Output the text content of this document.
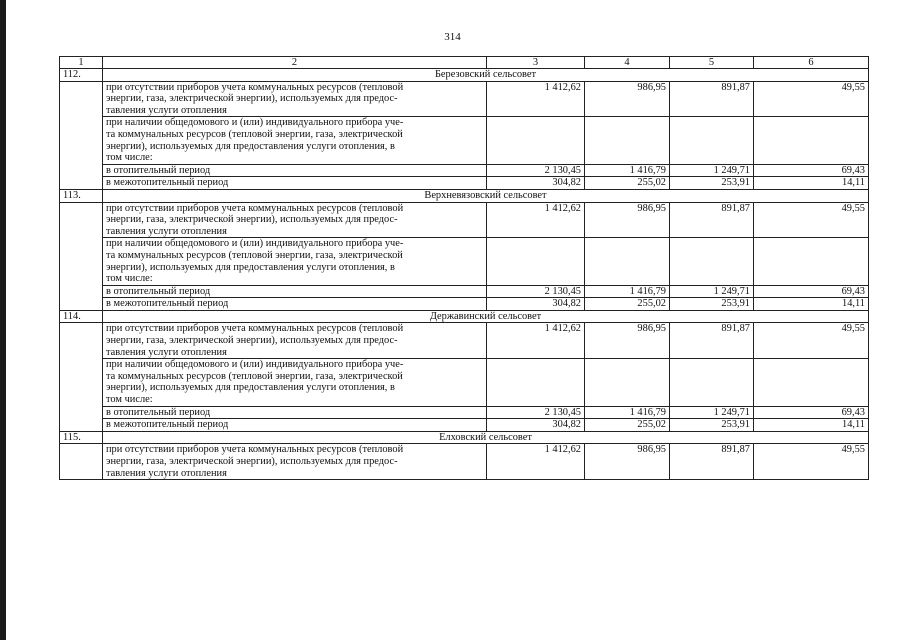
314
1	2	3	4	5	6
112.	Березовский сельсовет				

	при отсутствии приборов учета коммунальных ресурсов (тепловой
энергии, газа, электрической энергии), используемых для предос-
тавления услуги отопления	1 412,62	986,95	891,87	49,55

	при наличии общедомового и (или) индивидуального прибора уче-
та коммунальных ресурсов (тепловой энергии, газа, электрической
энергии), используемых для предоставления услуги отопления, в
том числе:				

	в отопительный период	2 130,45	1 416,79	1 249,71	69,43

	в межотопительный период	304,82	255,02	253,91	14,11
113.	Верхневязовский сельсовет				

	при отсутствии приборов учета коммунальных ресурсов (тепловой
энергии, газа, электрической энергии), используемых для предос-
тавления услуги отопления	1 412,62	986,95	891,87	49,55

	при наличии общедомового и (или) индивидуального прибора уче-
та коммунальных ресурсов (тепловой энергии, газа, электрической
энергии), используемых для предоставления услуги отопления, в
том числе:				

	в отопительный период	2 130,45	1 416,79	1 249,71	69,43

	в межотопительный период	304,82	255,02	253,91	14,11
114.	Державинский сельсовет				

	при отсутствии приборов учета коммунальных ресурсов (тепловой
энергии, газа, электрической энергии), используемых для предос-
тавления услуги отопления	1 412,62	986,95	891,87	49,55

	при наличии общедомового и (или) индивидуального прибора уче-
та коммунальных ресурсов (тепловой энергии, газа, электрической
энергии), используемых для предоставления услуги отопления, в
том числе:				

	в отопительный период	2 130,45	1 416,79	1 249,71	69,43

	в межотопительный период	304,82	255,02	253,91	14,11
115.	Елховский сельсовет				

	при отсутствии приборов учета коммунальных ресурсов (тепловой
энергии, газа, электрической энергии), используемых для предос-
тавления услуги отопления	1 412,62	986,95	891,87	49,55
